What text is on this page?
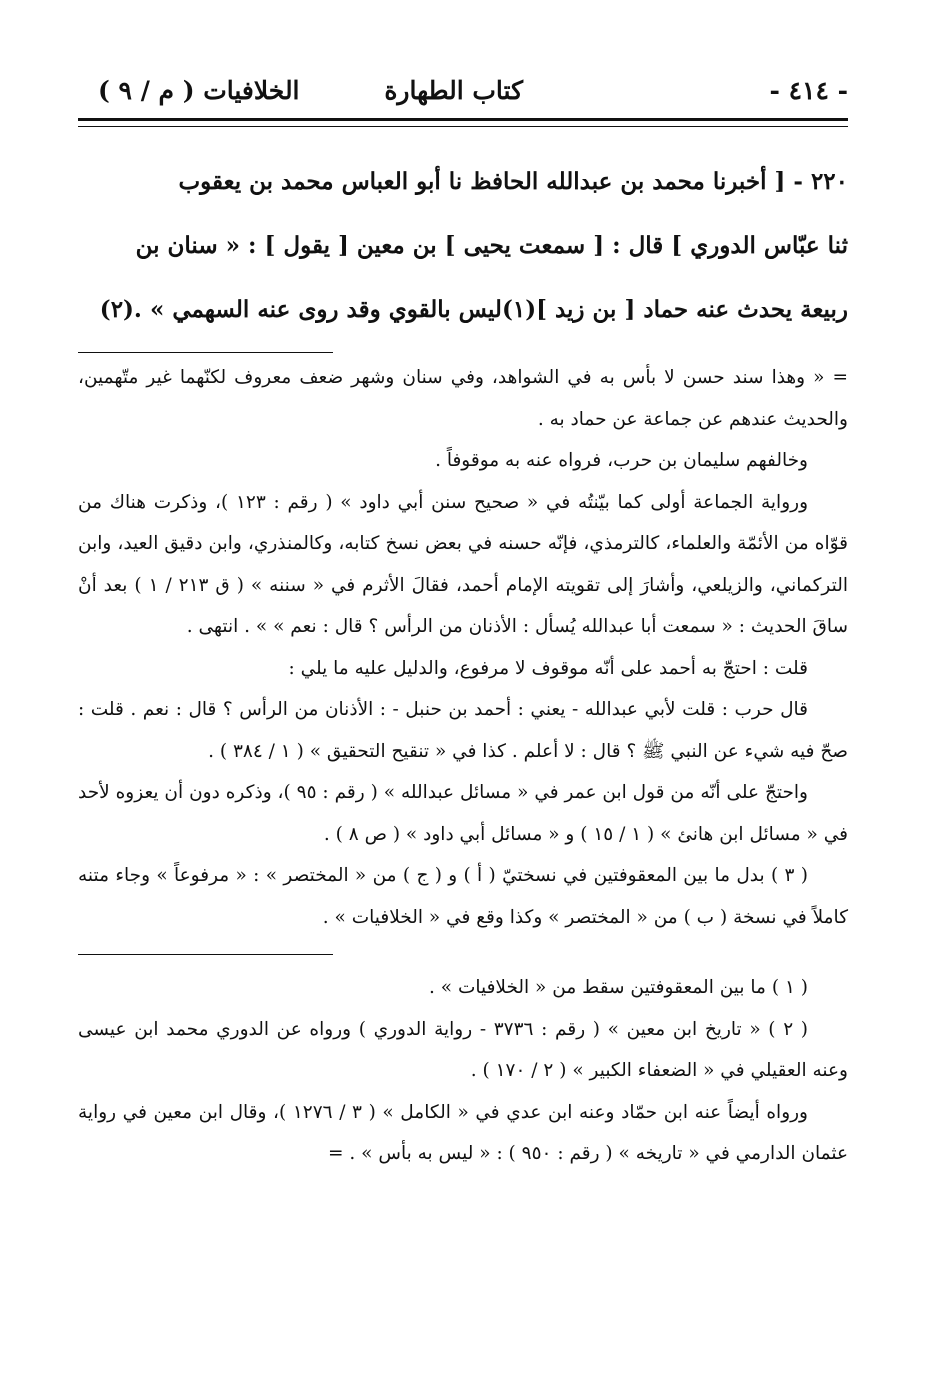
- ٤١٤ -
كتاب الطهارة
الخلافيات ( م / ٩ )

٢٢٠ - [ أخبرنا محمد بن عبدالله الحافظ نا أبو العباس محمد بن يعقوب

ثنا عبّاس الدوري ] قال : [ سمعت يحيى ] بن معين [ يقول ] : « سنان بن

ربيعة يحدث عنه حماد [ بن زيد ](١)ليس بالقوي وقد روى عنه السهمي » .(٢)

= « وهذا سند حسن لا بأس به في الشواهد، وفي سنان وشهر ضعف معروف لكنّهما غير متّهمين، والحديث عندهم عن جماعة عن حماد به .

وخالفهم سليمان بن حرب، فرواه عنه به موقوفاً .

ورواية الجماعة أولى كما بيّنتُه في « صحيح سنن أبي داود » ( رقم : ١٢٣ )، وذكرت هناك من قوّاه من الأئمّة والعلماء، كالترمذي، فإنّه حسنه في بعض نسخ كتابه، وكالمنذري، وابن دقيق العيد، وابن التركماني، والزيلعي، وأشارَ إلى تقويته الإمام أحمد، فقالَ الأثرم في « سننه » ( ق ٢١٣ / ١ ) بعد أنْ ساقَ الحديث : « سمعت أبا عبدالله يُسأل : الأذنان من الرأس ؟ قال : نعم » » . انتهى .

قلت : احتجّ به أحمد على أنّه موقوف لا مرفوع، والدليل عليه ما يلي :

قال حرب : قلت لأبي عبدالله - يعني : أحمد بن حنبل - : الأذنان من الرأس ؟ قال : نعم . قلت : صحّ فيه شيء عن النبي ﷺ ؟ قال : لا أعلم . كذا في « تنقيح التحقيق » ( ١ / ٣٨٤ ) .

واحتجّ على أنّه من قول ابن عمر في « مسائل عبدالله » ( رقم : ٩٥ )، وذكره دون أن يعزوه لأحد في « مسائل ابن هانئ » ( ١ / ١٥ ) و « مسائل أبي داود » ( ص ٨ ) .

( ٣ ) بدل ما بين المعقوفتين في نسختيّ ( أ ) و ( ج ) من « المختصر » : « مرفوعاً » وجاء متنه كاملاً في نسخة ( ب ) من « المختصر » وكذا وقع في « الخلافيات » .

( ١ ) ما بين المعقوفتين سقط من « الخلافيات » .

( ٢ ) « تاريخ ابن معين » ( رقم : ٣٧٣٦ - رواية الدوري ) ورواه عن الدوري محمد ابن عيسى وعنه العقيلي في « الضعفاء الكبير » ( ٢ / ١٧٠ ) .

ورواه أيضاً عنه ابن حمّاد وعنه ابن عدي في « الكامل » ( ٣ / ١٢٧٦ )، وقال ابن معين في رواية عثمان الدارمي في « تاريخه » ( رقم : ٩٥٠ ) : « ليس به بأس » . =
